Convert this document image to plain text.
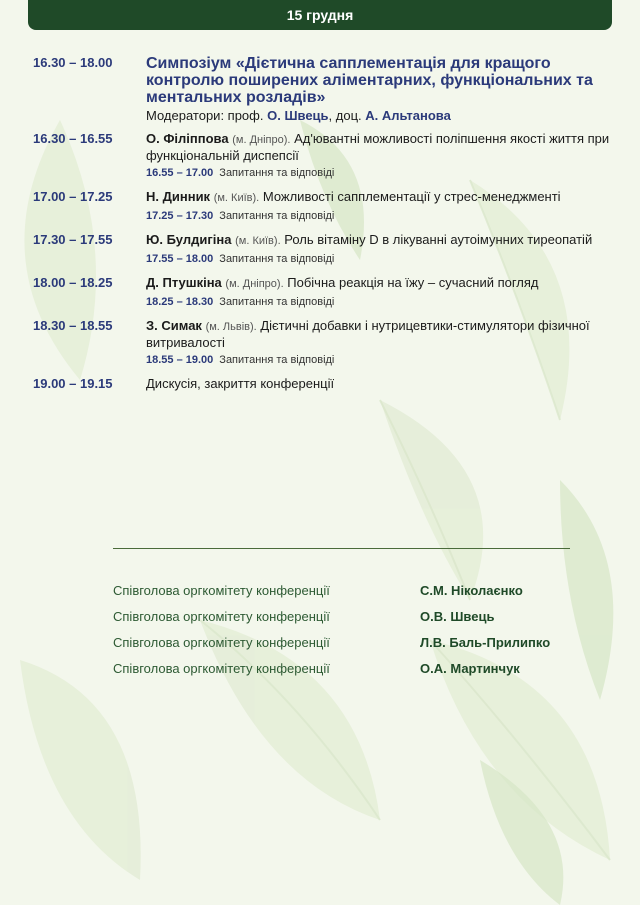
15 грудня
16.30 – 18.00	Симпозіум «Дієтична сапплементація для кращого контролю поширених аліментарних, функціональних та ментальних розладів»
Модератори: проф. О. Швець, доц. А. Альтанова
16.30 – 16.55	О. Філіппова (м. Дніпро). Ад'ювантні можливості поліпшення якості життя при функціональній диспепсії
16.55 – 17.00 Запитання та відповіді
17.00 – 17.25	Н. Динник (м. Київ). Можливості сапплементації у стрес-менеджменті
17.25 – 17.30 Запитання та відповіді
17.30 – 17.55	Ю. Булдигіна (м. Київ). Роль вітаміну D в лікуванні аутоімунних тиреопатій
17.55 – 18.00 Запитання та відповіді
18.00 – 18.25	Д. Птушкіна (м. Дніпро). Побічна реакція на їжу – сучасний погляд
18.25 – 18.30 Запитання та відповіді
18.30 – 18.55	З. Симак (м. Львів). Дієтичні добавки і нутрицевтики-стимулятори фізичної витривалості
18.55 – 19.00 Запитання та відповіді
19.00 – 19.15	Дискусія, закриття конференції
Співголова оргкомітету конференції	С.М. Ніколаєнко
Співголова оргкомітету конференції	О.В. Швець
Співголова оргкомітету конференції	Л.В. Баль-Прилипко
Співголова оргкомітету конференції	О.А. Мартинчук
